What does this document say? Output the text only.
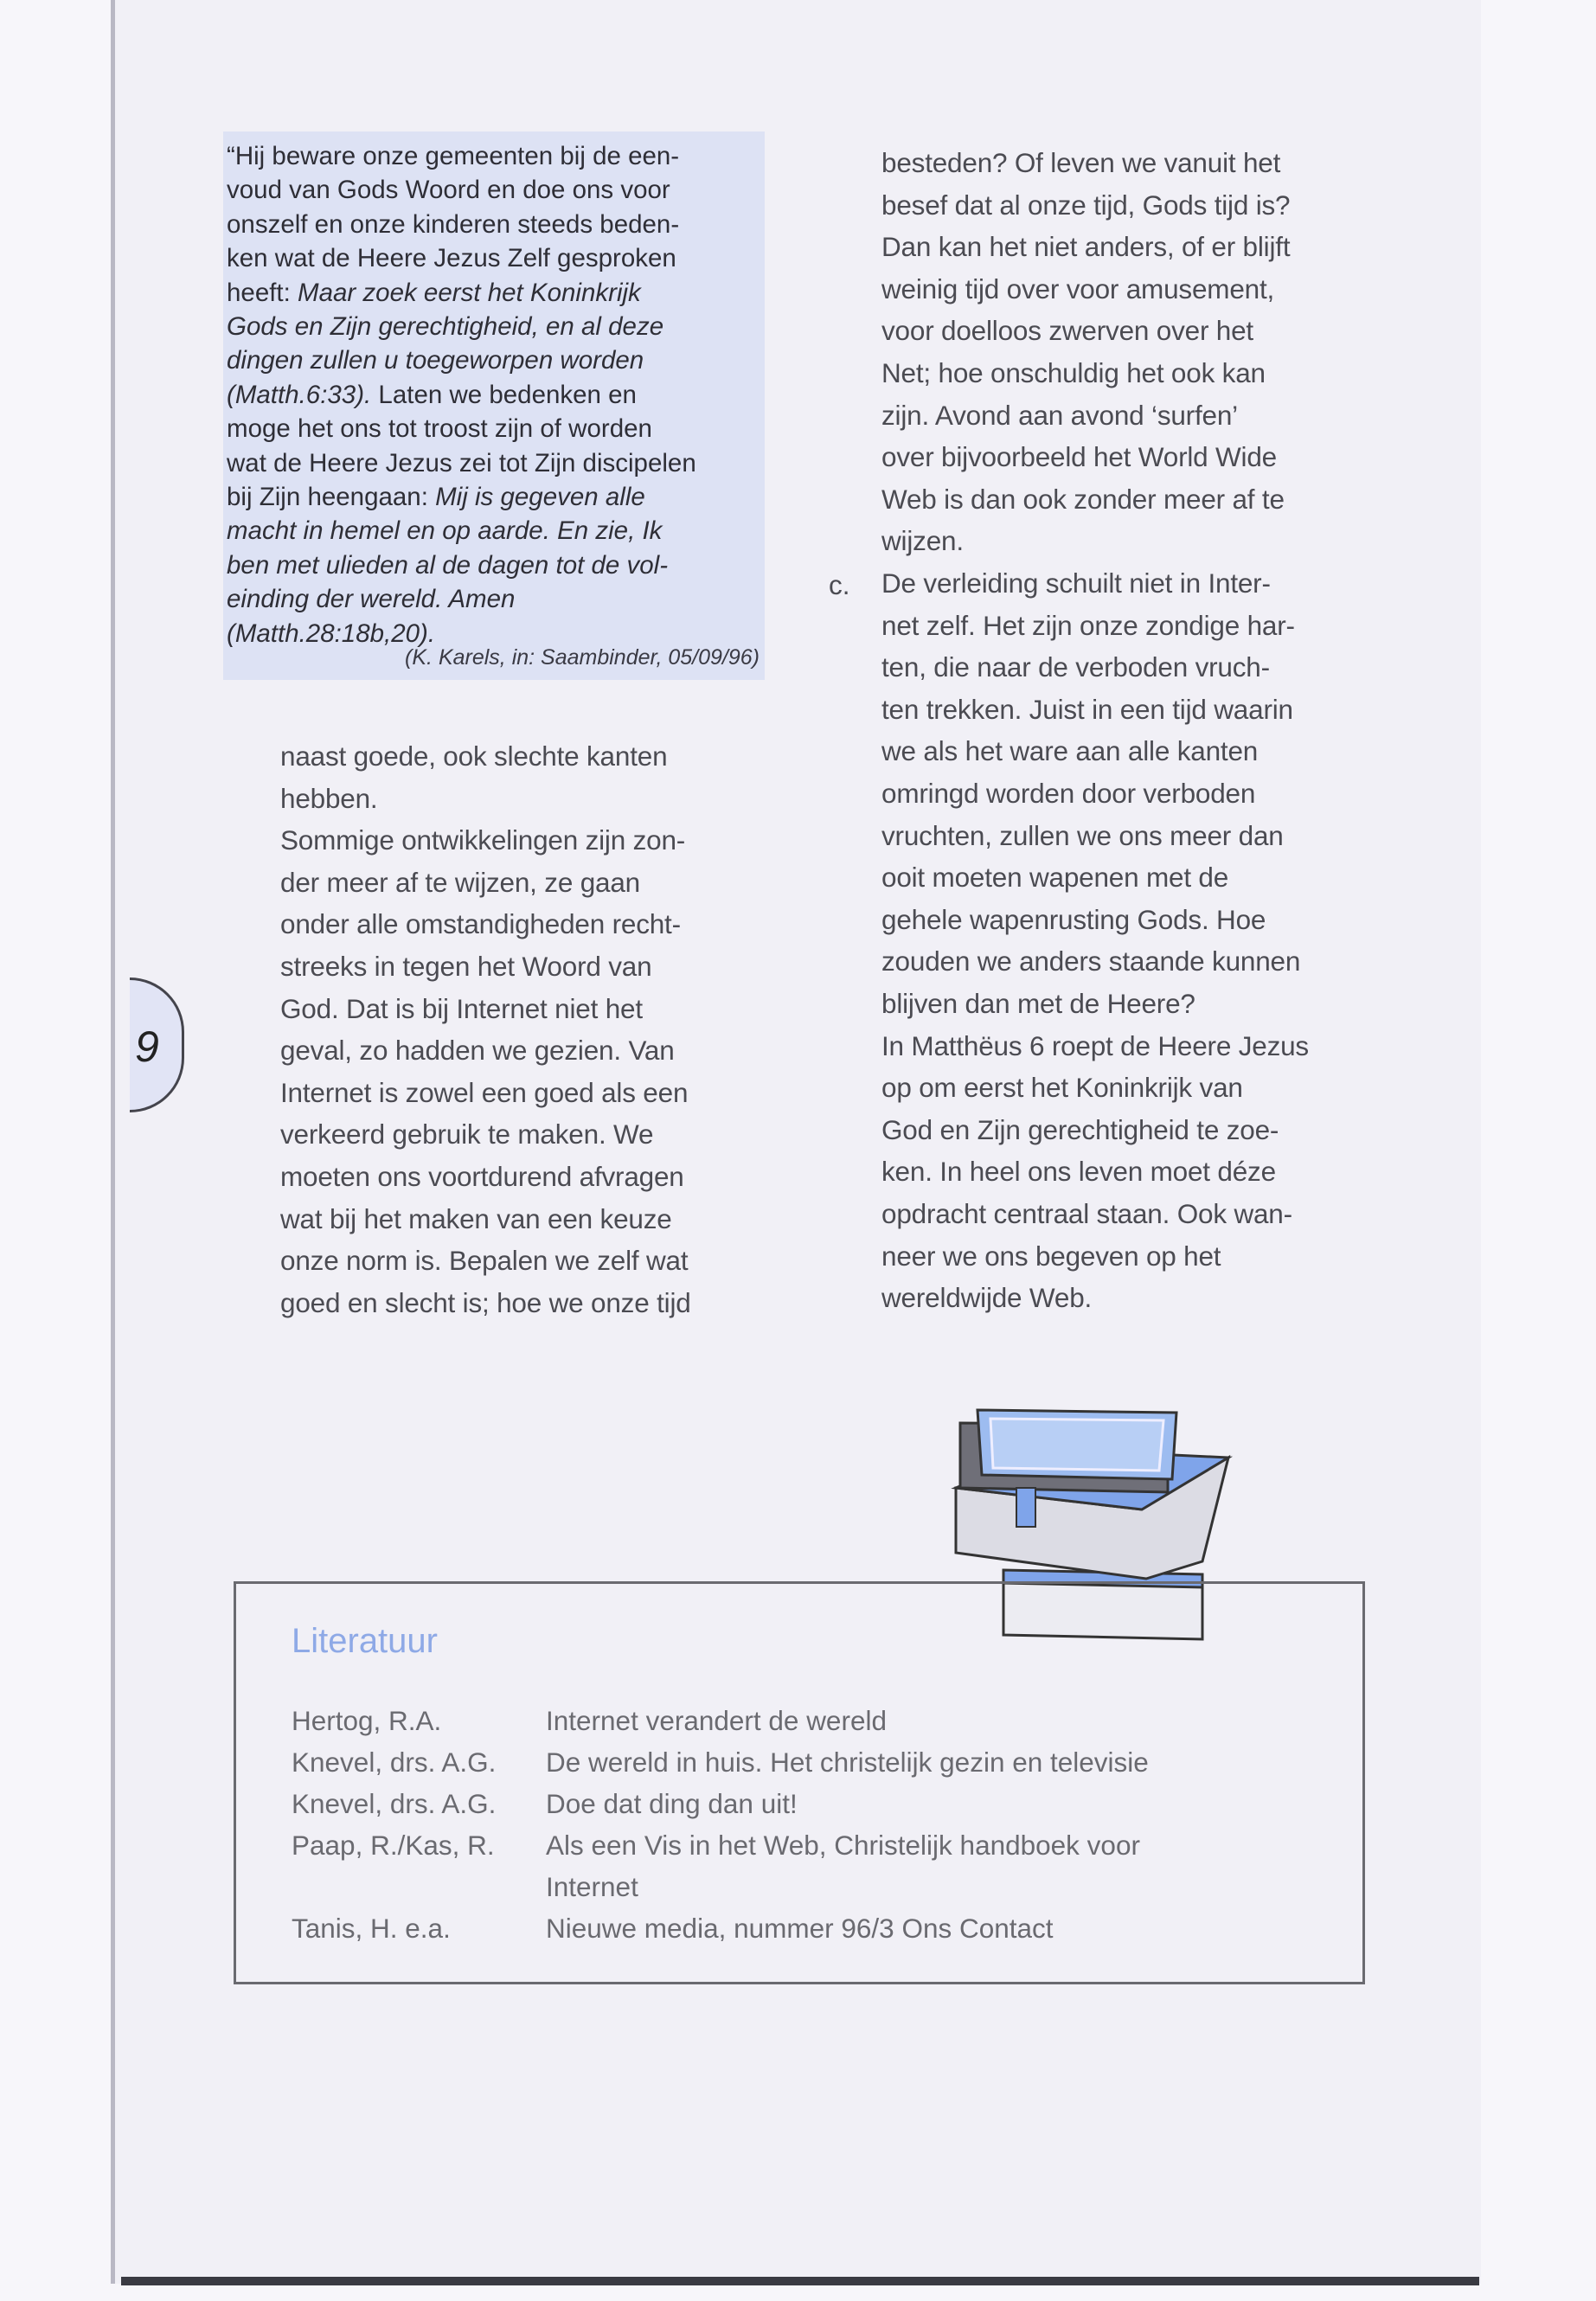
9
(K. Karels, in: Saambinder, 05/09/96)
“Hij beware onze gemeenten bij de een-
voud van Gods Woord en doe ons voor
onszelf en onze kinderen steeds beden-
ken wat de Heere Jezus Zelf gesproken
heeft: Maar zoek eerst het Koninkrijk
Gods en Zijn gerechtigheid, en al deze
dingen zullen u toegeworpen worden
(Matth.6:33). Laten we bedenken en
moge het ons tot troost zijn of worden
wat de Heere Jezus zei tot Zijn discipelen
bij Zijn heengaan: Mij is gegeven alle
macht in hemel en op aarde. En zie, Ik
ben met ulieden al de dagen tot de vol-
einding der wereld. Amen
(Matth.28:18b,20).
naast goede, ook slechte kanten
hebben.
Sommige ontwikkelingen zijn zon-
der meer af te wijzen, ze gaan
onder alle omstandigheden recht-
streeks in tegen het Woord van
God. Dat is bij Internet niet het
geval, zo hadden we gezien. Van
Internet is zowel een goed als een
verkeerd gebruik te maken. We
moeten ons voortdurend afvragen
wat bij het maken van een keuze
onze norm is. Bepalen we zelf wat
goed en slecht is; hoe we onze tijd
besteden? Of leven we vanuit het
besef dat al onze tijd, Gods tijd is?
Dan kan het niet anders, of er blijft
weinig tijd over voor amusement,
voor doelloos zwerven over het
Net; hoe onschuldig het ook kan
zijn. Avond aan avond ‘surfen’
over bijvoorbeeld het World Wide
Web is dan ook zonder meer af te
wijzen.
De verleiding schuilt niet in Inter-
net zelf. Het zijn onze zondige har-
ten, die naar de verboden vruch-
ten trekken. Juist in een tijd waarin
we als het ware aan alle kanten
omringd worden door verboden
vruchten, zullen we ons meer dan
ooit moeten wapenen met de
gehele wapenrusting Gods. Hoe
zouden we anders staande kunnen
blijven dan met de Heere?
In Matthëus 6 roept de Heere Jezus
op om eerst het Koninkrijk van
God en Zijn gerechtigheid te zoe-
ken. In heel ons leven moet déze
opdracht centraal staan. Ook wan-
neer we ons begeven op het
wereldwijde Web.
c.
Literatuur
Hertog, R.A.	Internet verandert de wereld
Knevel, drs. A.G. De wereld in huis. Het christelijk gezin en televisie
Knevel, drs. A.G. Doe dat ding dan uit!
Paap, R./Kas, R. Als een Vis in het Web, Christelijk handboek voor
Internet
Tanis, H. e.a.	Nieuwe media, nummer 96/3 Ons Contact
